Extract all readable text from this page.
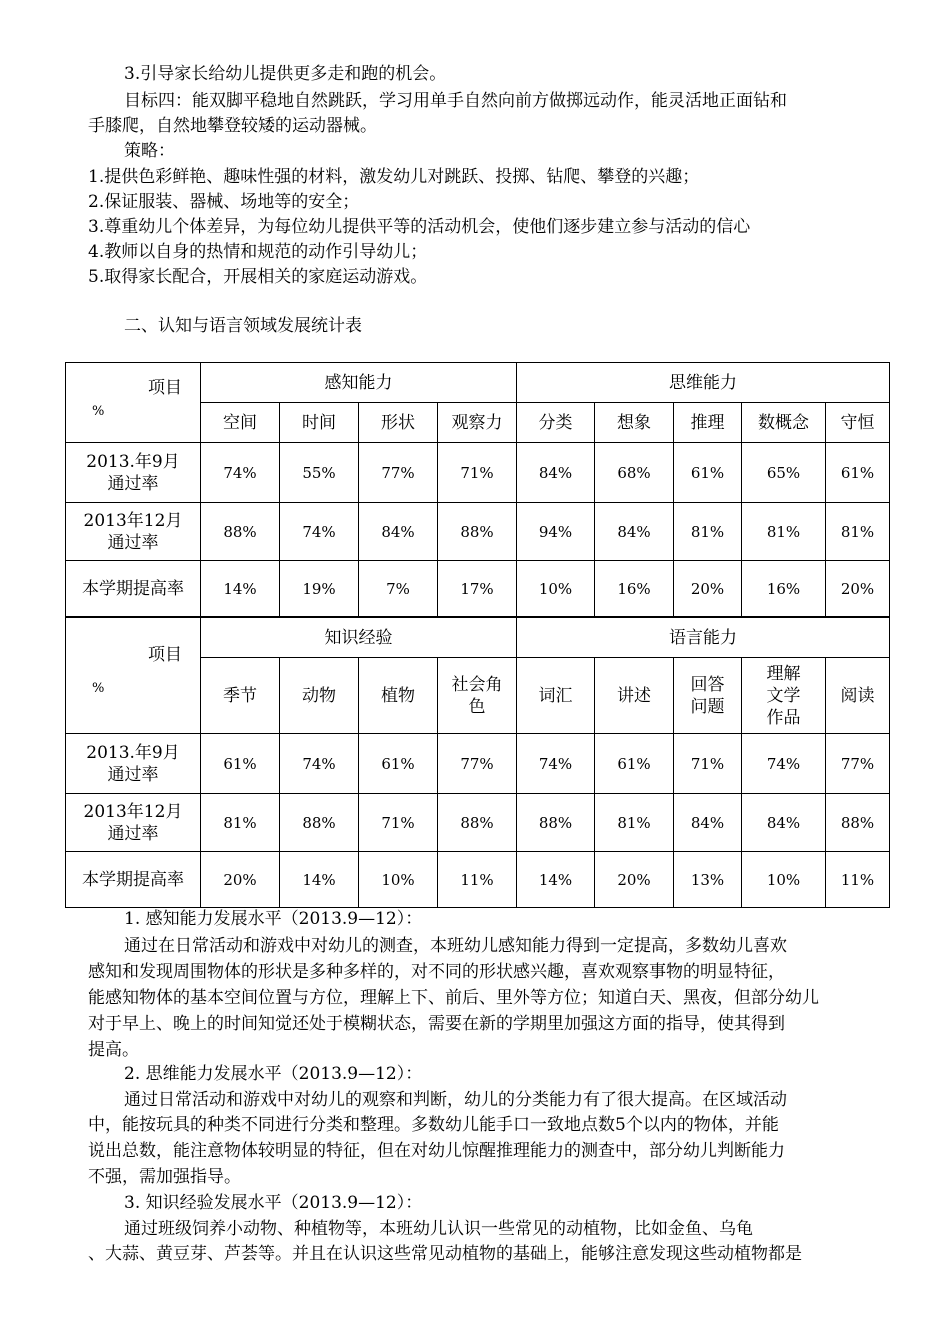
3.引导家长给幼儿提供更多走和跑的机会。
目标四：能双脚平稳地自然跳跃，学习用单手自然向前方做掷远动作，能灵活地正面钻和
手膝爬，自然地攀登较矮的运动器械。
策略：
1.提供色彩鲜艳、趣味性强的材料，激发幼儿对跳跃、投掷、钻爬、攀登的兴趣；
2.保证服装、器械、场地等的安全；
3.尊重幼儿个体差异，为每位幼儿提供平等的活动机会，使他们逐步建立参与活动的信心
4.教师以自身的热情和规范的动作引导幼儿；
5.取得家长配合，开展相关的家庭运动游戏。
二、认知与语言领域发展统计表
项目
%	感知能力				思维能力				
	空间	时间	形状	观察力	分类	想象	推理	数概念	守恒
2013.年9月
通过率	74%	55%	77%	71%	84%	68%	61%	65%	61%
2013年12月
通过率	88%	74%	84%	88%	94%	84%	81%	81%	81%
本学期提高率	14%	19%	7%	17%	10%	16%	20%	16%	20%
项目
%	知识经验				语言能力				
	季节	动物	植物	社会角
色	词汇	讲述	回答
问题	理解
文学
作品	阅读
2013.年9月
通过率	61%	74%	61%	77%	74%	61%	71%	74%	77%
2013年12月
通过率	81%	88%	71%	88%	88%	81%	84%	84%	88%
本学期提高率	20%	14%	10%	11%	14%	20%	13%	10%	11%
1. 感知能力发展水平（2013.9—12）：
通过在日常活动和游戏中对幼儿的测查，本班幼儿感知能力得到一定提高，多数幼儿喜欢
感知和发现周围物体的形状是多种多样的，对不同的形状感兴趣，喜欢观察事物的明显特征，
能感知物体的基本空间位置与方位，理解上下、前后、里外等方位；知道白天、黑夜，但部分幼儿
对于早上、晚上的时间知觉还处于模糊状态，需要在新的学期里加强这方面的指导，使其得到
提高。
2. 思维能力发展水平（2013.9—12）：
通过日常活动和游戏中对幼儿的观察和判断，幼儿的分类能力有了很大提高。在区域活动
中，能按玩具的种类不同进行分类和整理。多数幼儿能手口一致地点数5个以内的物体，并能
说出总数，能注意物体较明显的特征，但在对幼儿惊醒推理能力的测查中，部分幼儿判断能力
不强，需加强指导。
3. 知识经验发展水平（2013.9—12）：
通过班级饲养小动物、种植物等，本班幼儿认识一些常见的动植物，比如金鱼、乌龟
、大蒜、黄豆芽、芦荟等。并且在认识这些常见动植物的基础上，能够注意发现这些动植物都是
